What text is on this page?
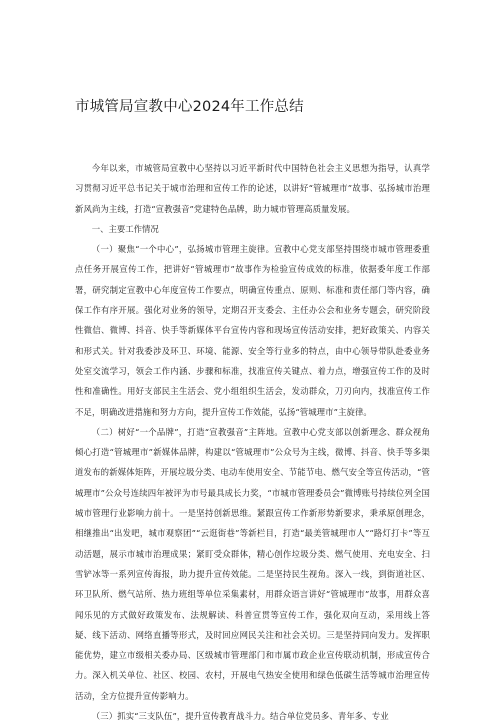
市城管局宣教中心2024年工作总结

今年以来，市城管局宣教中心坚持以习近平新时代中国特色社会主义思想为指导，认真学习贯彻习近平总书记关于城市治理和宣传工作的论述，以讲好“管城理市”故事、弘扬城市治理新风尚为主线，打造“宣教强音”党建特色品牌，助力城市管理高质量发展。

一、主要工作情况

（一）聚焦“一个中心”，弘扬城市管理主旋律。宣教中心党支部坚持围绕市城市管理委重点任务开展宣传工作，把讲好“管城理市”故事作为检验宣传成效的标准，依据委年度工作部署，研究制定宣教中心年度宣传工作要点，明确宣传重点、原则、标准和责任部门等内容，确保工作有序开展。强化对业务的领导，定期召开支委会、主任办公会和业务专题会，研究阶段性微信、微博、抖音、快手等新媒体平台宣传内容和现场宣传活动安排，把好政策关、内容关和形式关。针对我委涉及环卫、环境、能源、安全等行业多的特点，由中心领导带队赴委业务处室交流学习，领会工作内涵、步骤和标准，找准宣传关键点、着力点，增强宣传工作的及时性和准确性。用好支部民主生活会、党小组组织生活会，发动群众，刀刃向内，找准宣传工作不足，明确改进措施和努力方向，提升宣传工作效能，弘扬“管城理市”主旋律。

（二）树好“一个品牌”，打造“宣教强音”主阵地。宣教中心党支部以创新理念、群众视角倾心打造“管城理市”新媒体品牌，构建以“管城理市”公众号为主线，微博、抖音、快手等多渠道发布的新媒体矩阵，开展垃圾分类、电动车使用安全、节能节电、燃气安全等宣传活动，“管城理市”公众号连续四年被评为市号最具成长力奖，“市城市管理委员会”微博账号持续位列全国城市管理行业影响力前十。一是坚持创新思维。紧跟宣传工作新形势新要求，秉承原创理念，相继推出“出发吧，城市观察团”“云逛街巷”等新栏目，打造“最美管城理市人”“路灯打卡”等互动活题，展示市城市治理成果；紧盯受众群体，精心创作垃圾分类、燃气使用、充电安全、扫雪铲冰等一系列宣传海报，助力提升宣传效能。二是坚持民生视角。深入一线，到街道社区、环卫队所、燃气站所、热力班组等单位采集素材，用群众语言讲好“管城理市”故事，用群众喜闻乐见的方式做好政策发布、法规解读、科普宣贯等宣传工作，强化双向互动，采用线上答疑、线下活动、网络直播等形式，及时回应网民关注和社会关切。三是坚持同向发力。发挥职能优势，建立市级相关委办局、区级城市管理部门和市属市政企业宣传联动机制，形成宣传合力。深入机关单位、社区、校园、农村，开展电气热安全使用和绿色低碳生活等城市治理宣传活动，全方位提升宣传影响力。

（三）抓实“三支队伍”，提升宣传教育战斗力。结合单位党员多、青年多、专业
